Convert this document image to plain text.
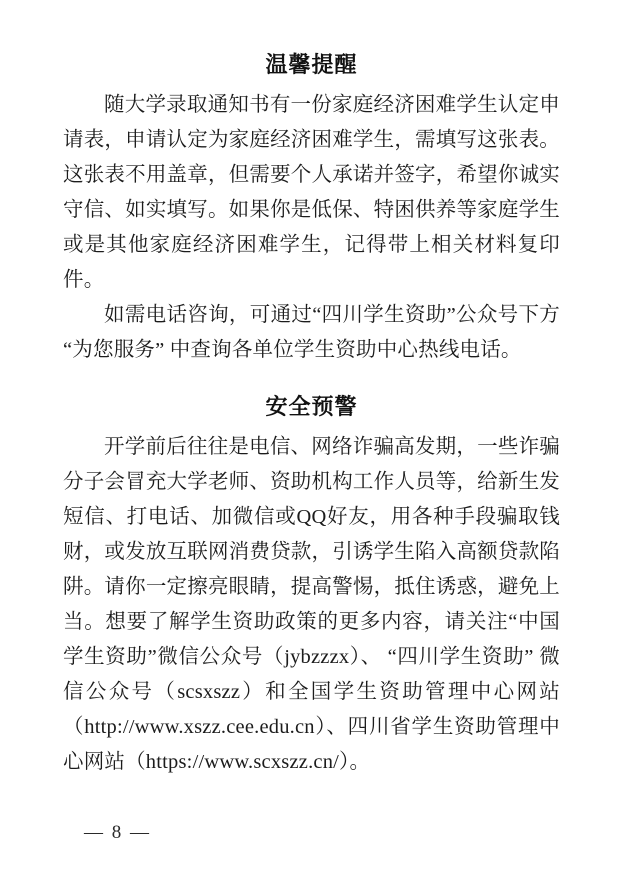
温馨提醒

随大学录取通知书有一份家庭经济困难学生认定申请表，申请认定为家庭经济困难学生，需填写这张表。这张表不用盖章，但需要个人承诺并签字，希望你诚实守信、如实填写。如果你是低保、特困供养等家庭学生或是其他家庭经济困难学生，记得带上相关材料复印件。

如需电话咨询，可通过“四川学生资助”公众号下方“为您服务” 中查询各单位学生资助中心热线电话。

安全预警

开学前后往往是电信、网络诈骗高发期，一些诈骗分子会冒充大学老师、资助机构工作人员等，给新生发短信、打电话、加微信或QQ好友，用各种手段骗取钱财，或发放互联网消费贷款，引诱学生陷入高额贷款陷阱。请你一定擦亮眼睛，提高警惕，抵住诱惑，避免上当。想要了解学生资助政策的更多内容，请关注“中国学生资助”微信公众号（jybzzzx）、 “四川学生资助” 微信公众号（scsxszz）和全国学生资助管理中心网站（http://www.xszz.cee.edu.cn）、四川省学生资助管理中心网站（https://www.scxszz.cn/）。

— 8 —
